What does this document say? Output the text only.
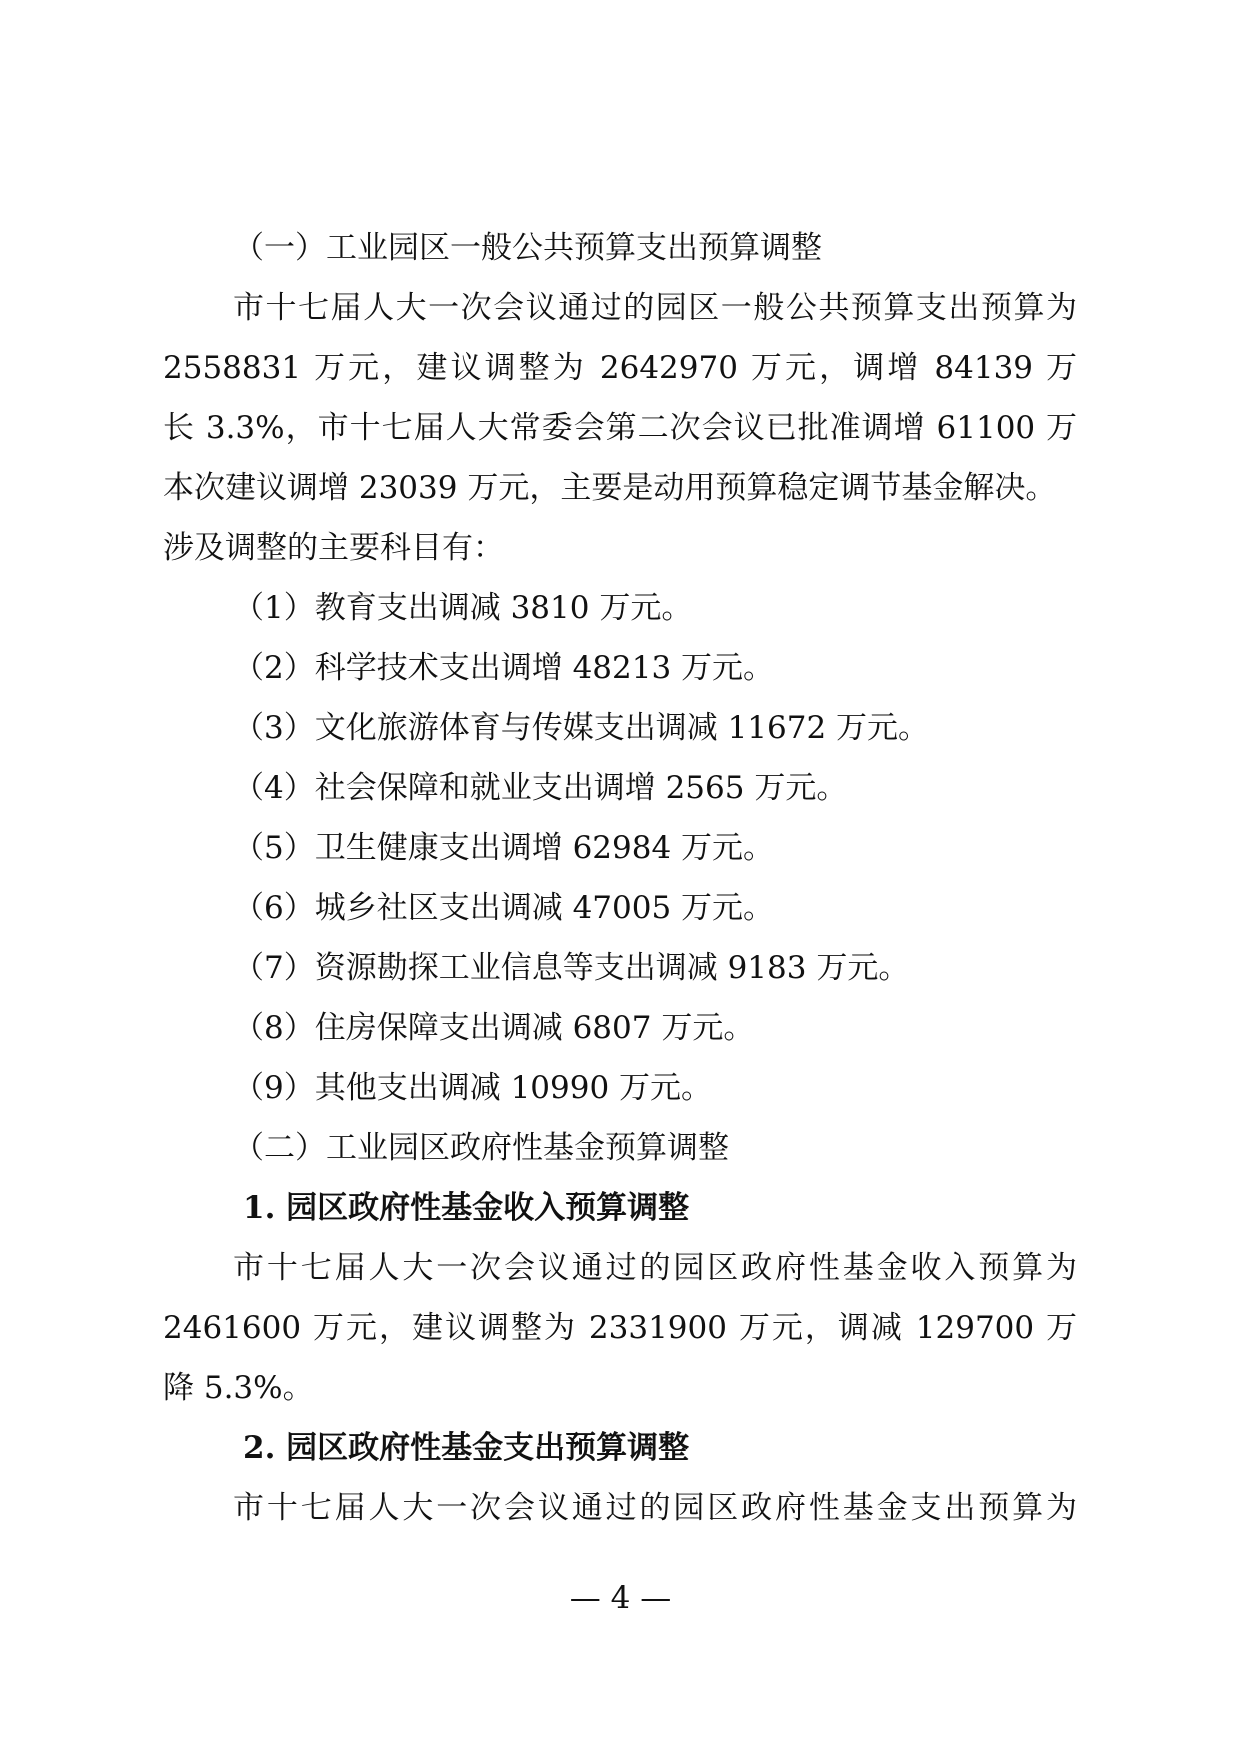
（一）工业园区一般公共预算支出预算调整
市十七届人大一次会议通过的园区一般公共预算支出预算为
2558831 万元，建议调整为 2642970 万元，调增 84139 万
长 3.3%，市十七届人大常委会第二次会议已批准调增 61100 万
本次建议调增 23039 万元，主要是动用预算稳定调节基金解决。
涉及调整的主要科目有：
（1）教育支出调减 3810 万元。
（2）科学技术支出调增 48213 万元。
（3）文化旅游体育与传媒支出调减 11672 万元。
（4）社会保障和就业支出调增 2565 万元。
（5）卫生健康支出调增 62984 万元。
（6）城乡社区支出调减 47005 万元。
（7）资源勘探工业信息等支出调减 9183 万元。
（8）住房保障支出调减 6807 万元。
（9）其他支出调减 10990 万元。
（二）工业园区政府性基金预算调整
1. 园区政府性基金收入预算调整
市十七届人大一次会议通过的园区政府性基金收入预算为
2461600 万元，建议调整为 2331900 万元，调减 129700 万
降 5.3%。
2. 园区政府性基金支出预算调整
市十七届人大一次会议通过的园区政府性基金支出预算为
— 4 —
